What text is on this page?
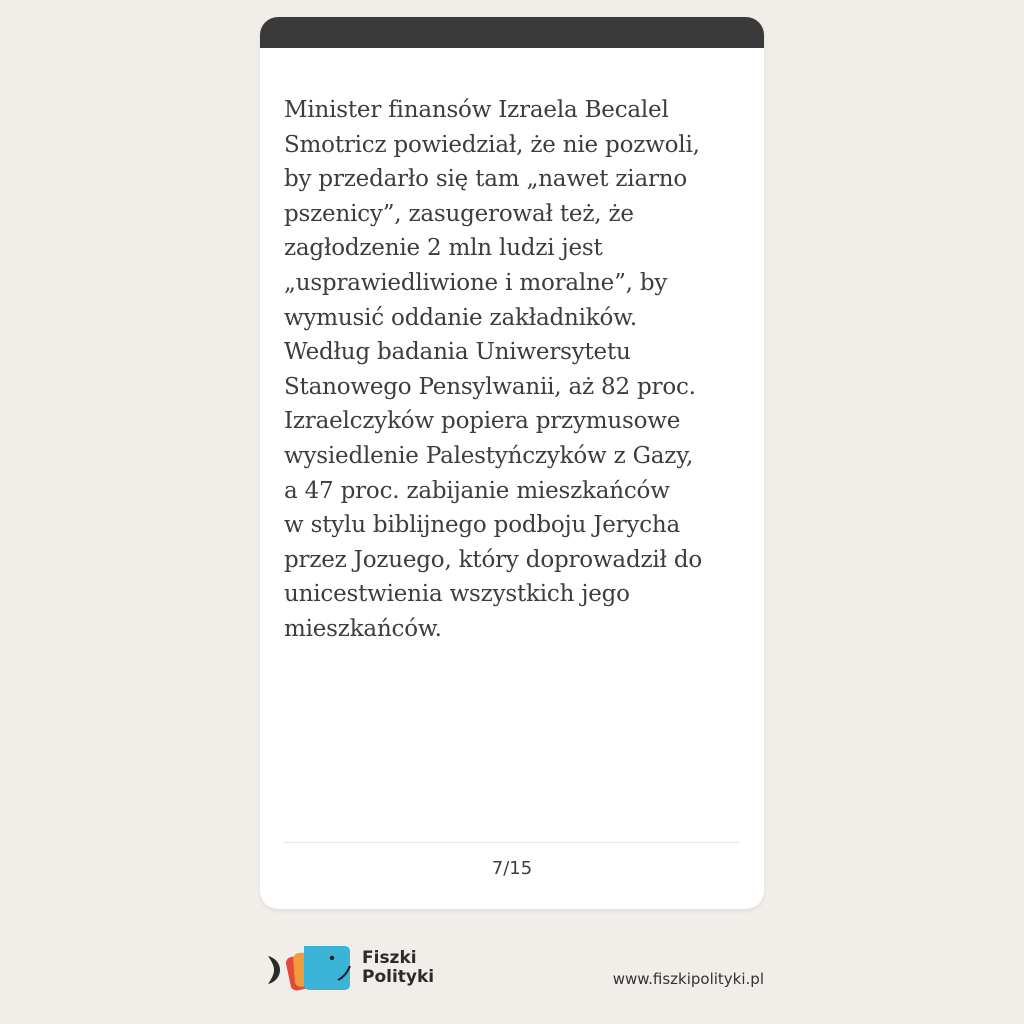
Minister finansów Izraela Becalel
Smotricz powiedział, że nie pozwoli,
by przedarło się tam „nawet ziarno
pszenicy”, zasugerował też, że
zagłodzenie 2 mln ludzi jest
„usprawiedliwione i moralne”, by
wymusić oddanie zakładników.
Według badania Uniwersytetu
Stanowego Pensylwanii, aż 82 proc.
Izraelczyków popiera przymusowe
wysiedlenie Palestyńczyków z Gazy,
a 47 proc. zabijanie mieszkańców
w stylu biblijnego podboju Jerycha
przez Jozuego, który doprowadził do
unicestwienia wszystkich jego
mieszkańców.

7/15
Fiszki
Polityki	www.fiszkipolityki.pl
